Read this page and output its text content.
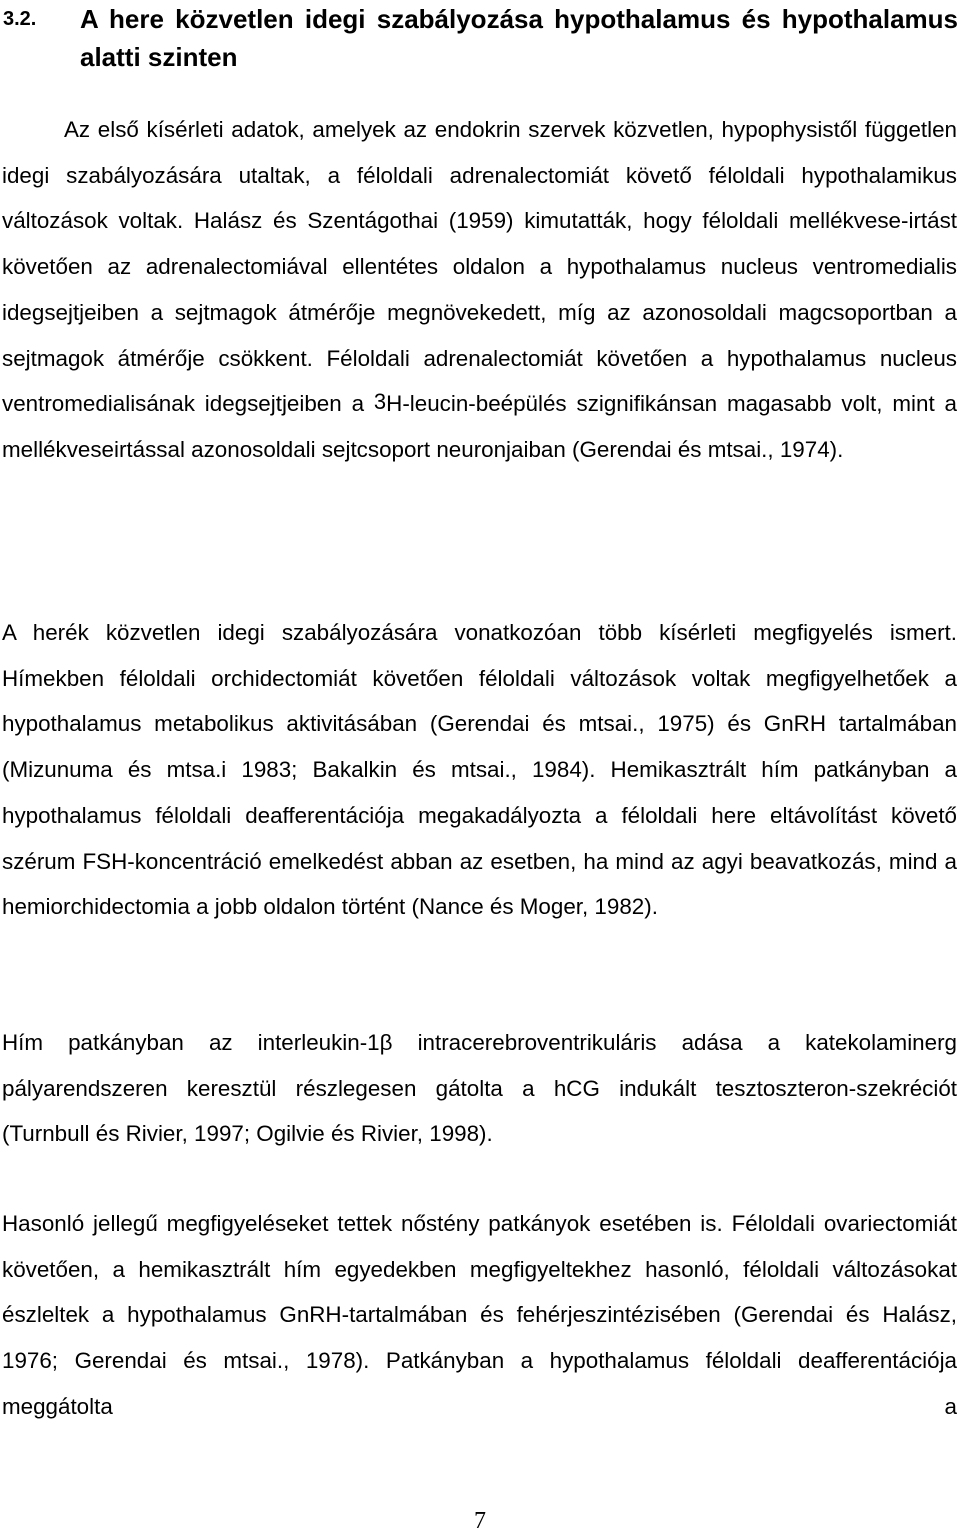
3.2. A here közvetlen idegi szabályozása hypothalamus és hypothalamus alatti szinten

Az első kísérleti adatok, amelyek az endokrin szervek közvetlen, hypophysistől független idegi szabályozására utaltak, a féloldali adrenalectomiát követő féloldali hypothalamikus változások voltak. Halász és Szentágothai (1959) kimutatták, hogy féloldali mellékvese-irtást követően az adrenalectomiával ellentétes oldalon a hypothalamus nucleus ventromedialis idegsejtjeiben a sejtmagok átmérője megnövekedett, míg az azonosoldali magcsoportban a sejtmagok átmérője csökkent. Féloldali adrenalectomiát követően a hypothalamus nucleus ventromedialisának idegsejtjeiben a $^3$H-leucin-beépülés szignifikánsan magasabb volt, mint a mellékveseirtással azonosoldali sejtcsoport neuronjaiban (Gerendai és mtsai., 1974).

A herék közvetlen idegi szabályozására vonatkozóan több kísérleti megfigyelés ismert. Hímekben féloldali orchidectomiát követően féloldali változások voltak megfigyelhetőek a hypothalamus metabolikus aktivitásában (Gerendai és mtsai., 1975) és GnRH tartalmában (Mizunuma és mtsa.i 1983; Bakalkin és mtsai., 1984). Hemikasztrált hím patkányban a hypothalamus féloldali deafferentációja megakadályozta a féloldali here eltávolítást követő szérum FSH-koncentráció emelkedést abban az esetben, ha mind az agyi beavatkozás, mind a hemiorchidectomia a jobb oldalon történt (Nance és Moger, 1982).

Hím patkányban az interleukin-1β intracerebroventrikuláris adása a katekolaminerg pályarendszeren keresztül részlegesen gátolta a hCG indukált tesztoszteron-szekréciót (Turnbull és Rivier, 1997; Ogilvie és Rivier, 1998).

Hasonló jellegű megfigyeléseket tettek nőstény patkányok esetében is. Féloldali ovariectomiát követően, a hemikasztrált hím egyedekben megfigyeltekhez hasonló, féloldali változásokat észleltek a hypothalamus GnRH-tartalmában és fehérjeszintézisében (Gerendai és Halász, 1976; Gerendai és mtsai., 1978). Patkányban a hypothalamus féloldali deafferentációja meggátolta a

7
